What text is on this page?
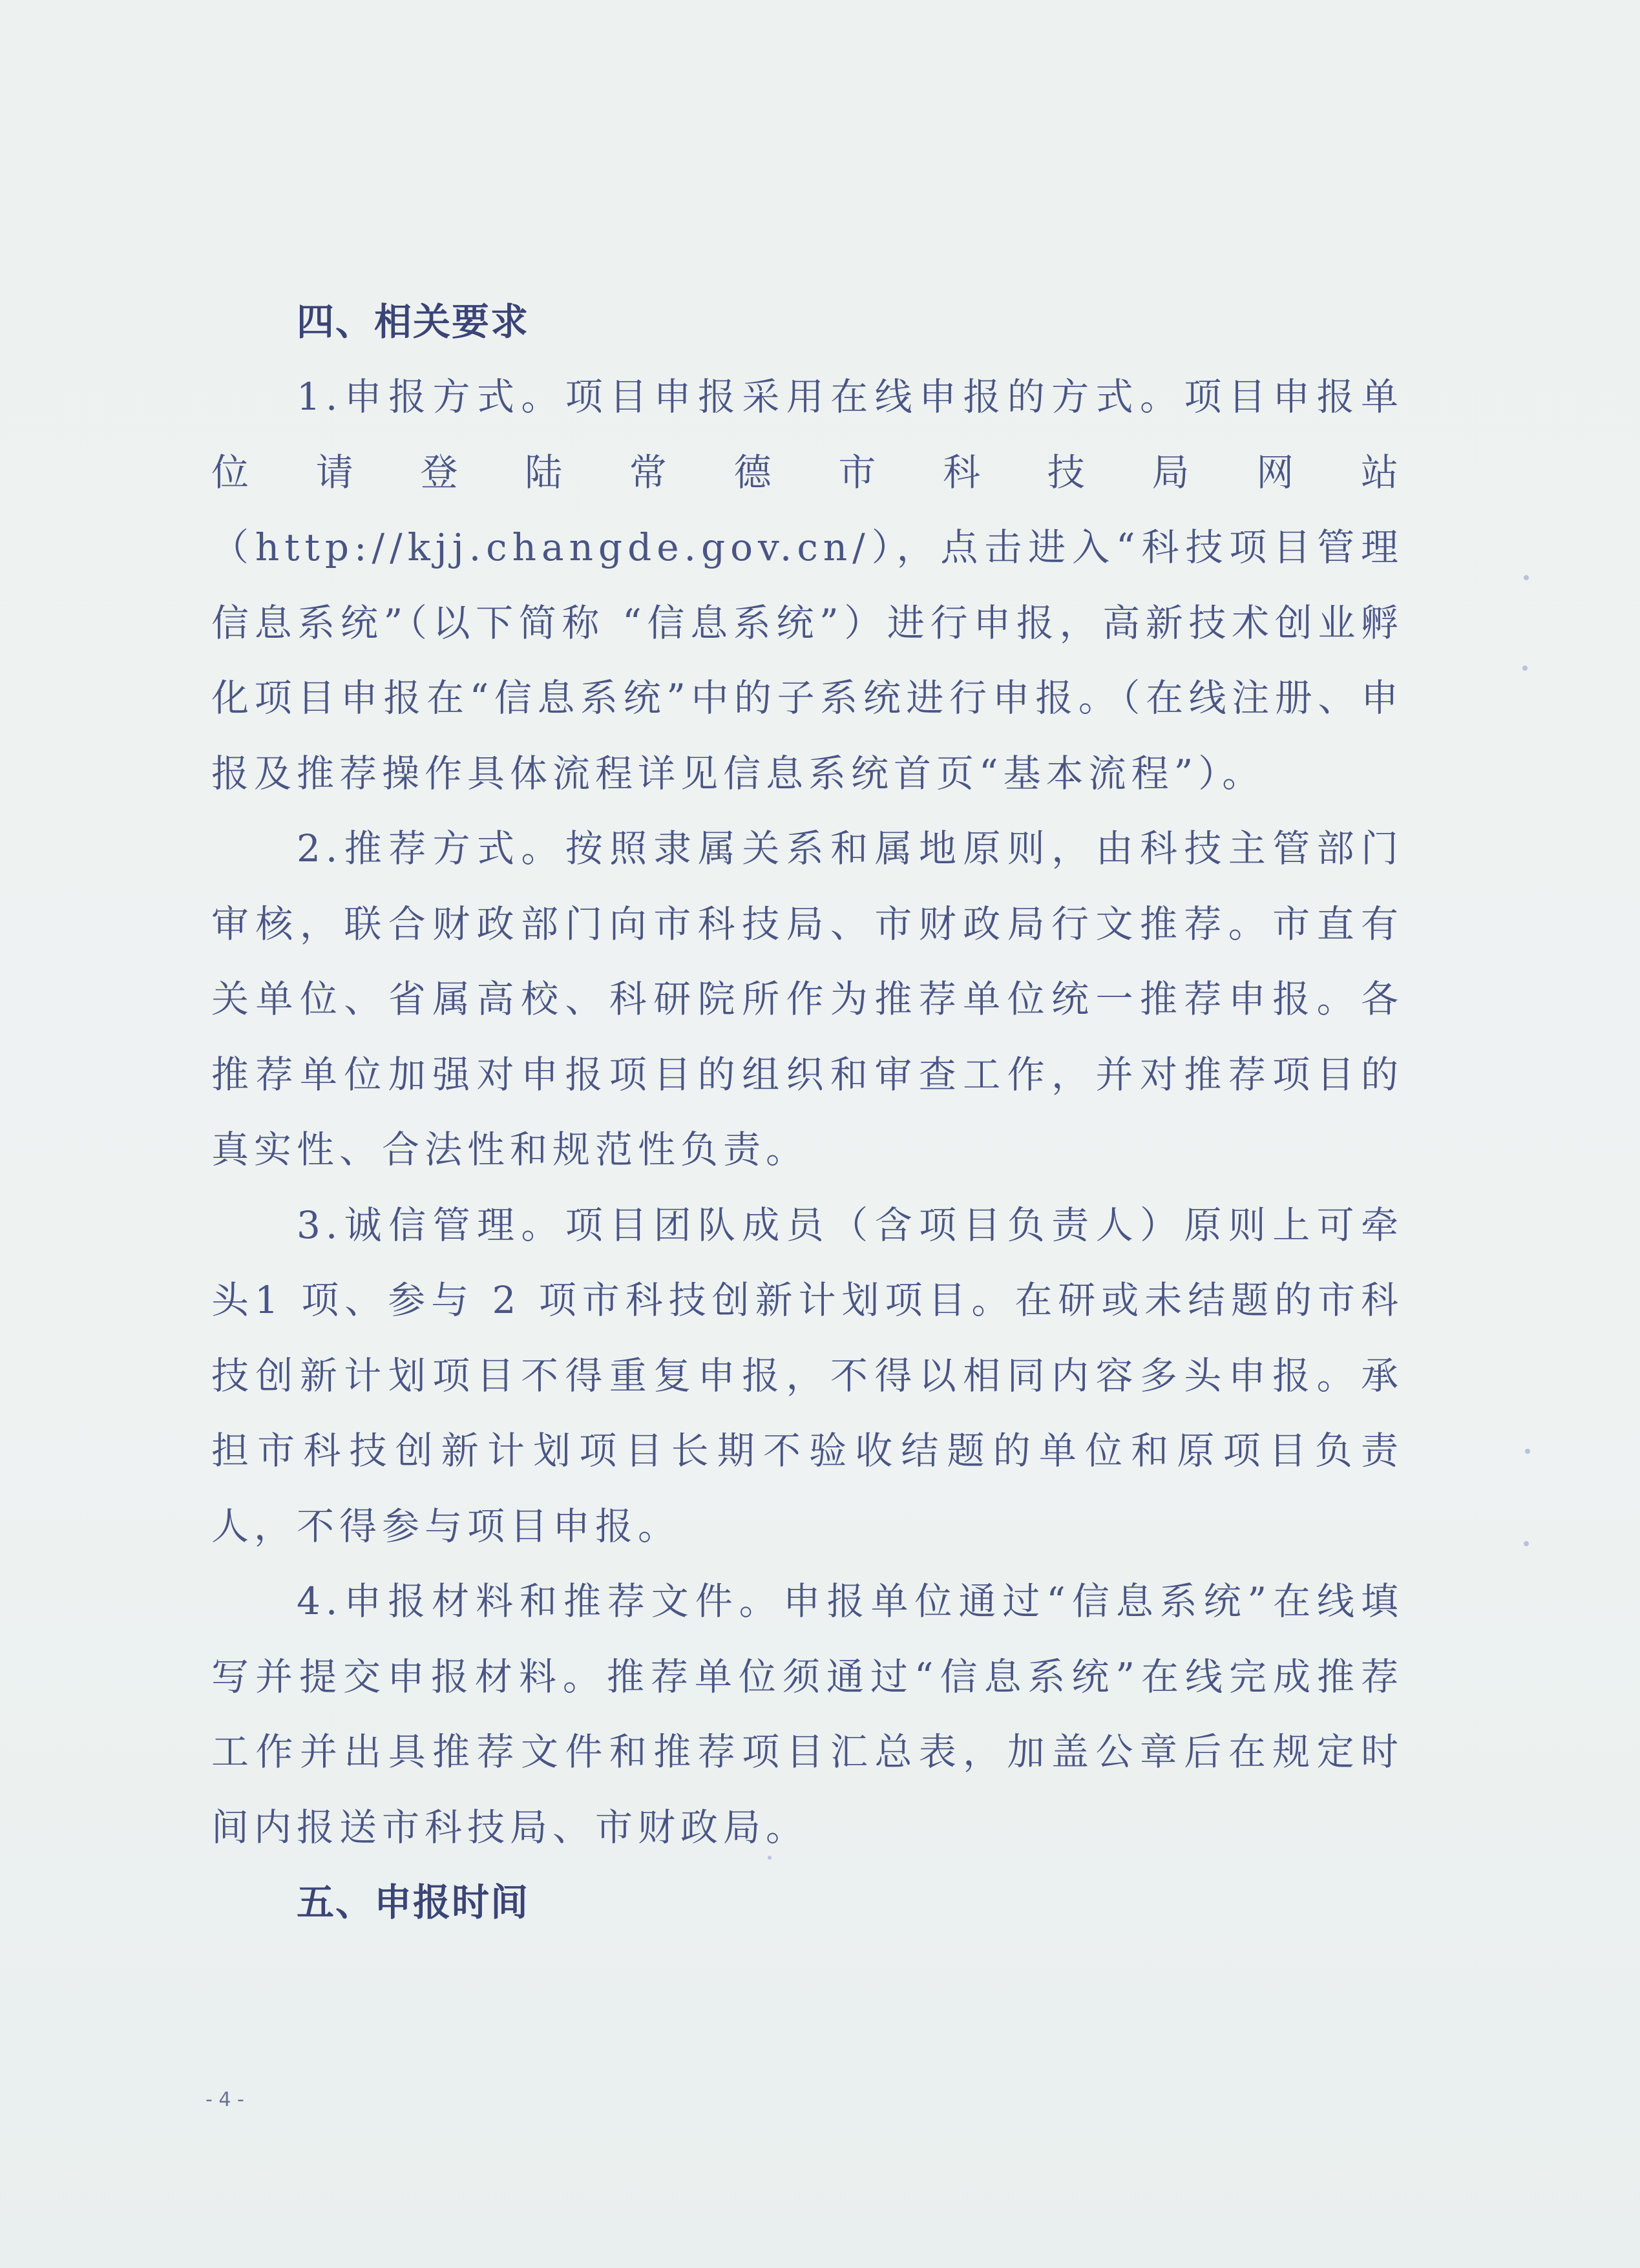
四、相关要求

1.申报方式。项目申报采用在线申报的方式。项目申报单位请登陆常德市科技局网站（http://kjj.changde.gov.cn/），点击进入“科技项目管理信息系统”（以下简称 “信息系统”）进行申报，高新技术创业孵化项目申报在“信息系统”中的子系统进行申报。（在线注册、申报及推荐操作具体流程详见信息系统首页“基本流程”）。

2.推荐方式。按照隶属关系和属地原则，由科技主管部门审核，联合财政部门向市科技局、市财政局行文推荐。市直有关单位、省属高校、科研院所作为推荐单位统一推荐申报。各推荐单位加强对申报项目的组织和审查工作，并对推荐项目的真实性、合法性和规范性负责。

3.诚信管理。项目团队成员（含项目负责人）原则上可牵头1 项、参与 2 项市科技创新计划项目。在研或未结题的市科技创新计划项目不得重复申报，不得以相同内容多头申报。承担市科技创新计划项目长期不验收结题的单位和原项目负责人，不得参与项目申报。

4.申报材料和推荐文件。申报单位通过“信息系统”在线填写并提交申报材料。推荐单位须通过“信息系统”在线完成推荐工作并出具推荐文件和推荐项目汇总表，加盖公章后在规定时间内报送市科技局、市财政局。

五、申报时间
- 4 -
